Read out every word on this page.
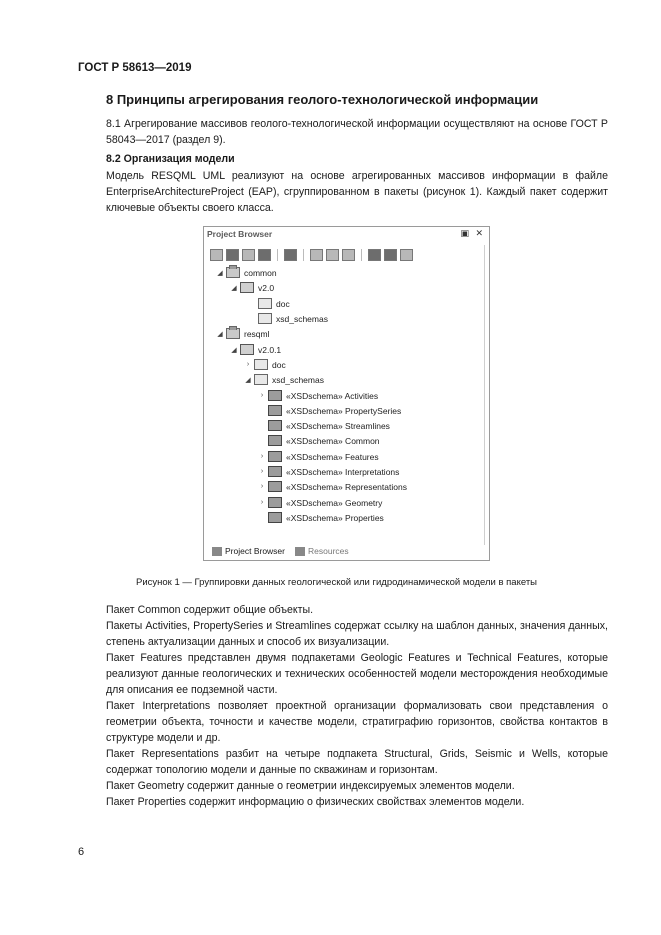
ГОСТ Р 58613—2019
8 Принципы агрегирования геолого-технологической информации
8.1 Агрегирование массивов геолого-технологической информации осуществляют на основе ГОСТ Р 58043—2017 (раздел 9).
8.2 Организация модели
Модель RESQML UML реализуют на основе агрегированных массивов информации в файле EnterpriseArchitectureProject (EAP), сгруппированном в пакеты (рисунок 1). Каждый пакет содержит ключевые объекты своего класса.
Project Browser	▣ ✕
◢	common
◢	v2.0
doc
xsd_schemas
◢	resqml
◢	v2.0.1
›	doc
◢	xsd_schemas
›	«XSDschema» Activities
«XSDschema» PropertySeries
«XSDschema» Streamlines
«XSDschema» Common
›	«XSDschema» Features
›	«XSDschema» Interpretations
›	«XSDschema» Representations
›	«XSDschema» Geometry
«XSDschema» Properties
Project Browser	Resources
Рисунок 1 — Группировки данных геологической или гидродинамической модели в пакеты
Пакет Common содержит общие объекты.
Пакеты Activities, PropertySeries и Streamlines содержат ссылку на шаблон данных, значения данных, степень актуализации данных и способ их визуализации.
Пакет Features представлен двумя подпакетами Geologic Features и Technical Features, которые реализуют данные геологических и технических особенностей модели месторождения необходимые для описания ее подземной части.
Пакет Interpretations позволяет проектной организации формализовать свои представления о геометрии объекта, точности и качестве модели, стратиграфию горизонтов, свойства контактов в структуре модели и др.
Пакет Representations разбит на четыре подпакета Structural, Grids, Seismic и Wells, которые содержат топологию модели и данные по скважинам и горизонтам.
Пакет Geometry содержит данные о геометрии индексируемых элементов модели.
Пакет Properties содержит информацию о физических свойствах элементов модели.
6
